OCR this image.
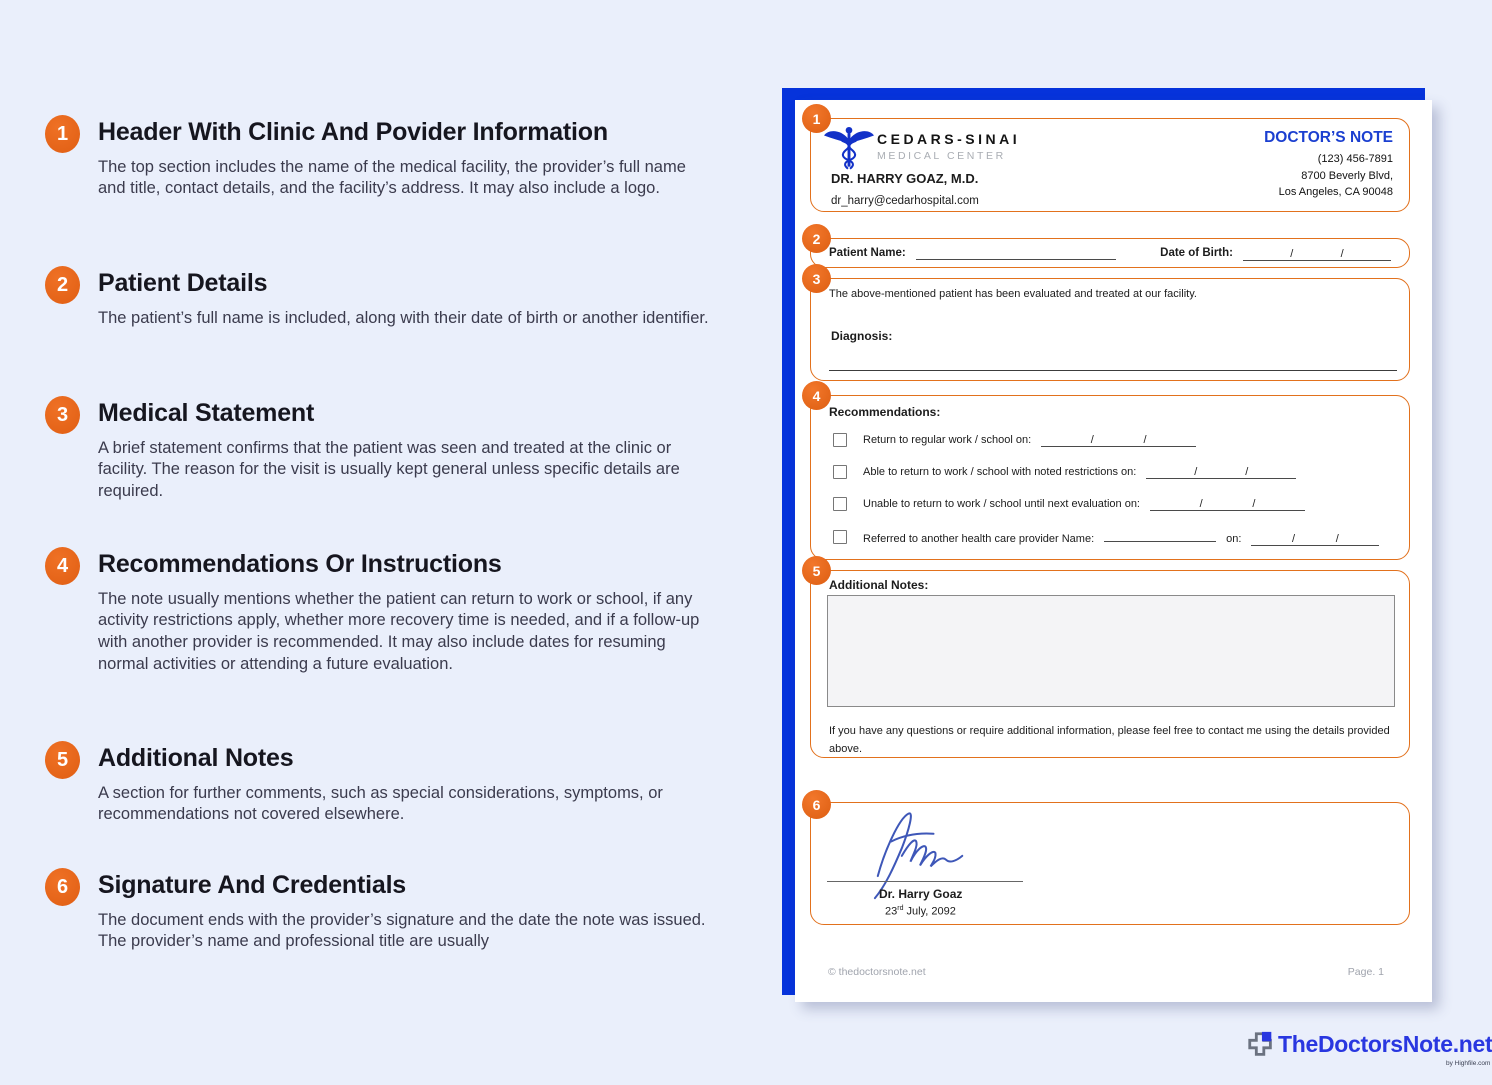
1	Header With Clinic And Povider Information
The top section includes the name of the medical facility, the provider’s full name and title, contact details, and the facility’s address. It may also include a logo.
2	Patient Details
The patient’s full name is included, along with their date of birth or another identifier.
3	Medical Statement
A brief statement confirms that the patient was seen and treated at the clinic or facility. The reason for the visit is usually kept general unless specific details are required.
4	Recommendations Or Instructions
The note usually mentions whether the patient can return to work or school, if any activity restrictions apply, whether more recovery time is needed, and if a follow-up with another provider is recommended. It may also include dates for resuming normal activities or attending a future evaluation.
5	Additional Notes
A section for further comments, such as special considerations, symptoms, or recommendations not covered elsewhere.
6	Signature And Credentials
The document ends with the provider’s signature and the date the note was issued. The provider’s name and professional title are usually
1
CEDARS-SINAI
MEDICAL CENTER
DR. HARRY GOAZ, M.D.
dr_harry@cedarhospital.com
DOCTOR’S NOTE
(123) 456-7891
8700 Beverly Blvd,
Los Angeles, CA 90048
2
Patient Name:	Date of Birth:	/	/
3
The above-mentioned patient has been evaluated and treated at our facility.
Diagnosis:
4
Recommendations:
Return to regular work / school on:	/	/
Able to return to work / school with noted restrictions on:	/	/
Unable to return to work / school until next evaluation on:	/	/
Referred to another health care provider Name:	on:	/	/
5
Additional Notes:
If you have any questions or require additional information, please feel free to contact me using the details provided above.
6
Dr. Harry Goaz
23rd July, 2092
© thedoctorsnote.net	Page. 1
TheDoctorsNote.net
by Highfile.com
